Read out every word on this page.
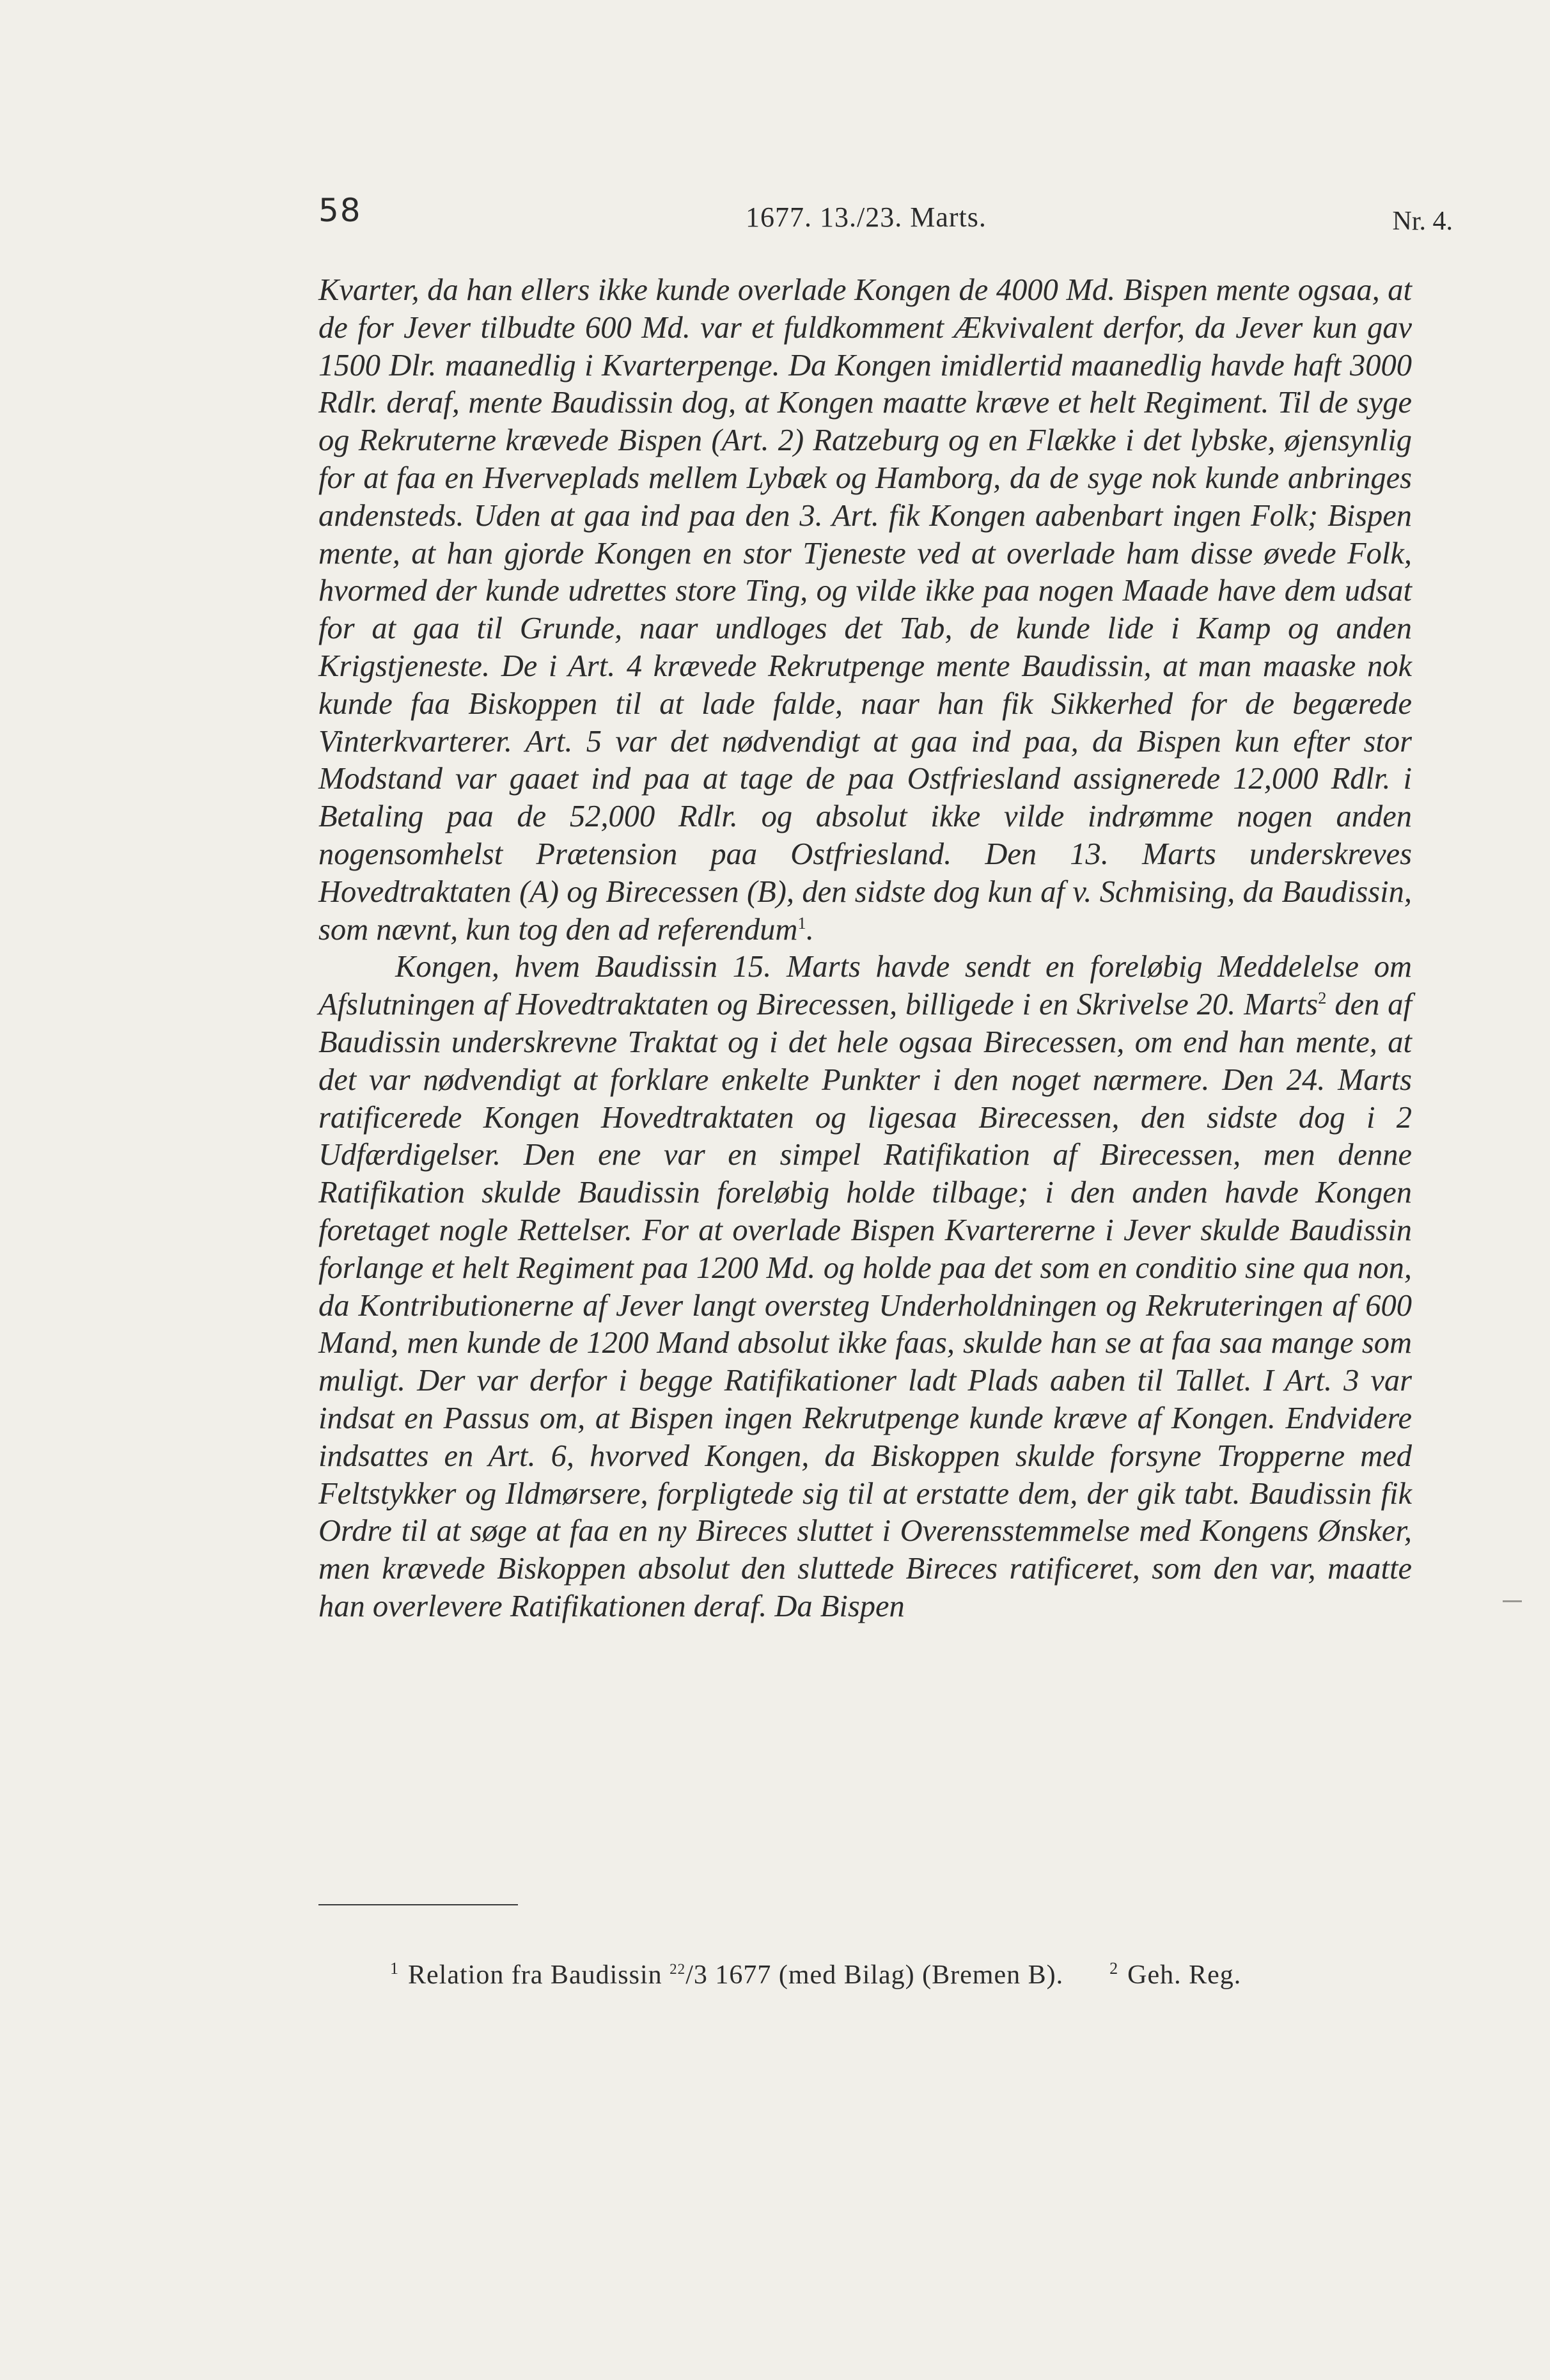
58	1677. 13./23. Marts.	Nr. 4.

Kvarter, da han ellers ikke kunde overlade Kongen de 4000 Md. Bispen mente ogsaa, at de for Jever tilbudte 600 Md. var et fuldkomment Ækvivalent derfor, da Jever kun gav 1500 Dlr. maanedlig i Kvarterpenge. Da Kongen imidlertid maanedlig havde haft 3000 Rdlr. deraf, mente Baudissin dog, at Kongen maatte kræve et helt Regiment. Til de syge og Rekruterne krævede Bispen (Art. 2) Ratzeburg og en Flække i det lybske, øjensynlig for at faa en Hverveplads mellem Lybæk og Hamborg, da de syge nok kunde anbringes andensteds. Uden at gaa ind paa den 3. Art. fik Kongen aabenbart ingen Folk; Bispen mente, at han gjorde Kongen en stor Tjeneste ved at overlade ham disse øvede Folk, hvormed der kunde udrettes store Ting, og vilde ikke paa nogen Maade have dem udsat for at gaa til Grunde, naar undloges det Tab, de kunde lide i Kamp og anden Krigstjeneste. De i Art. 4 krævede Rekrutpenge mente Baudissin, at man maaske nok kunde faa Biskoppen til at lade falde, naar han fik Sikkerhed for de begærede Vinterkvarterer. Art. 5 var det nødvendigt at gaa ind paa, da Bispen kun efter stor Modstand var gaaet ind paa at tage de paa Ostfriesland assignerede 12,000 Rdlr. i Betaling paa de 52,000 Rdlr. og absolut ikke vilde indrømme nogen anden nogensomhelst Prætension paa Ostfriesland. Den 13. Marts underskreves Hovedtraktaten (A) og Birecessen (B), den sidste dog kun af v. Schmising, da Baudissin, som nævnt, kun tog den ad referendum$^1$.

Kongen, hvem Baudissin 15. Marts havde sendt en foreløbig Meddelelse om Afslutningen af Hovedtraktaten og Birecessen, billigede i en Skrivelse 20. Marts$^2$ den af Baudissin underskrevne Traktat og i det hele ogsaa Birecessen, om end han mente, at det var nødvendigt at forklare enkelte Punkter i den noget nærmere. Den 24. Marts ratificerede Kongen Hovedtraktaten og ligesaa Birecessen, den sidste dog i 2 Udfærdigelser. Den ene var en simpel Ratifikation af Birecessen, men denne Ratifikation skulde Baudissin foreløbig holde tilbage; i den anden havde Kongen foretaget nogle Rettelser. For at overlade Bispen Kvartererne i Jever skulde Baudissin forlange et helt Regiment paa 1200 Md. og holde paa det som en conditio sine qua non, da Kontributionerne af Jever langt oversteg Underholdningen og Rekruteringen af 600 Mand, men kunde de 1200 Mand absolut ikke faas, skulde han se at faa saa mange som muligt. Der var derfor i begge Ratifikationer ladt Plads aaben til Tallet. I Art. 3 var indsat en Passus om, at Bispen ingen Rekrutpenge kunde kræve af Kongen. Endvidere indsattes en Art. 6, hvorved Kongen, da Biskoppen skulde forsyne Tropperne med Feltstykker og Ildmørsere, forpligtede sig til at erstatte dem, der gik tabt. Baudissin fik Ordre til at søge at faa en ny Bireces sluttet i Overensstemmelse med Kongens Ønsker, men krævede Biskoppen absolut den sluttede Bireces ratificeret, som den var, maatte han overlevere Ratifikationen deraf. Da Bispen

$^1$ Relation fra Baudissin $^{22}$/3 1677 (med Bilag) (Bremen B).	$^2$ Geh. Reg.
